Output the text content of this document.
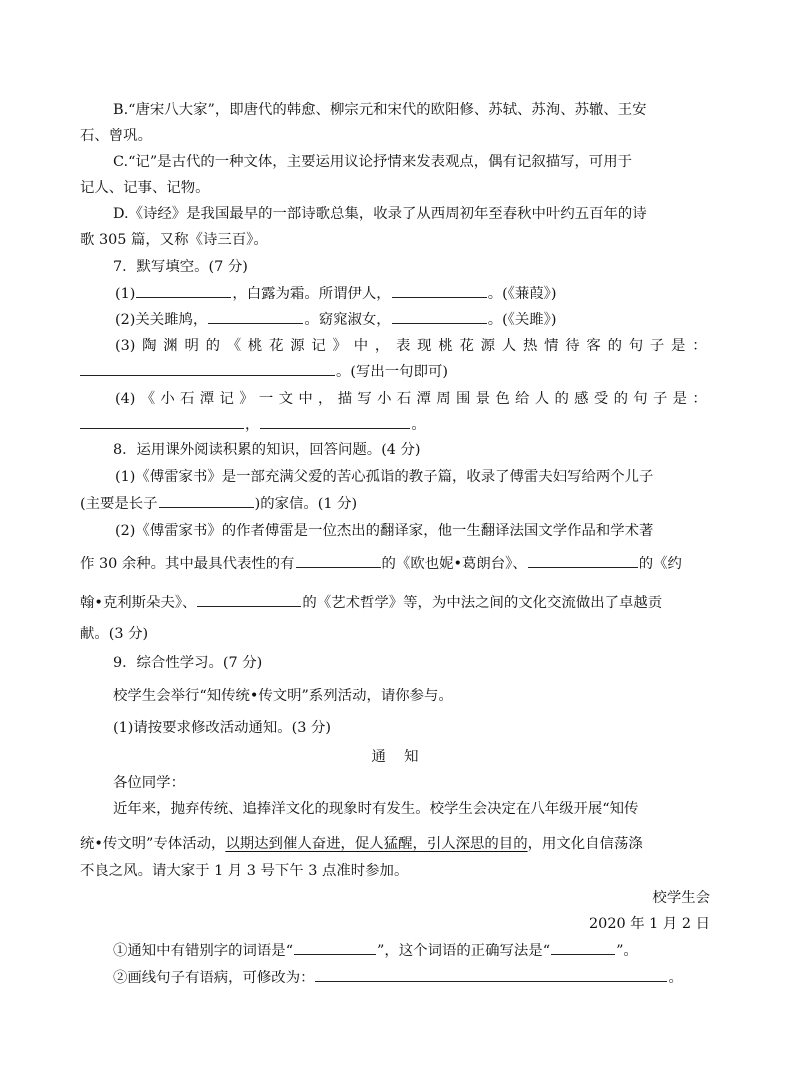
B.“唐宋八大家”，即唐代的韩愈、柳宗元和宋代的欧阳修、苏轼、苏洵、苏辙、王安
石、曾巩。
C.“记”是古代的一种文体，主要运用议论抒情来发表观点，偶有记叙描写，可用于
记人、记事、记物。
D.《诗经》是我国最早的一部诗歌总集，收录了从西周初年至春秋中叶约五百年的诗
歌 305 篇，又称《诗三百》。
7．默写填空。(7 分)
(1)	，白露为霜。所谓伊人，	。(《蒹葭》)
(2)关关雎鸠，	。窈窕淑女，	。(《关雎》)
(3) 陶 渊 明 的 《 桃 花 源 记 》 中 ， 表 现 桃 花 源 人 热 情 待 客 的 句 子 是 ：
。(写出一句即可)
(4) 《 小 石 潭 记 》 一 文 中 ， 描 写 小 石 潭 周 围 景 色 给 人 的 感 受 的 句 子 是 ：
，	。
8．运用课外阅读积累的知识，回答问题。(4 分)
(1)《傅雷家书》是一部充满父爱的苦心孤诣的教子篇，收录了傅雷夫妇写给两个儿子
(主要是长子	)的家信。(1 分)
(2)《傅雷家书》的作者傅雷是一位杰出的翻译家，他一生翻译法国文学作品和学术著
作 30 余种。其中最具代表性的有	的《欧也妮•葛朗台》、	的《约
翰•克利斯朵夫》、	的《艺术哲学》等，为中法之间的文化交流做出了卓越贡
献。(3 分)
9．综合性学习。(7 分)
校学生会举行“知传统•传文明”系列活动，请你参与。
(1)请按要求修改活动通知。(3 分)
通    知
各位同学：
近年来，抛弃传统、追捧洋文化的现象时有发生。校学生会决定在八年级开展“知传
统•传文明”专体活动，以期达到催人奋进，促人猛醒，引人深思的目的，用文化自信荡涤
不良之风。请大家于 1 月 3 号下午 3 点准时参加。
校学生会
2020 年 1 月 2 日
①通知中有错别字的词语是“	”，这个词语的正确写法是“	”。
②画线句子有语病，可修改为：	。
